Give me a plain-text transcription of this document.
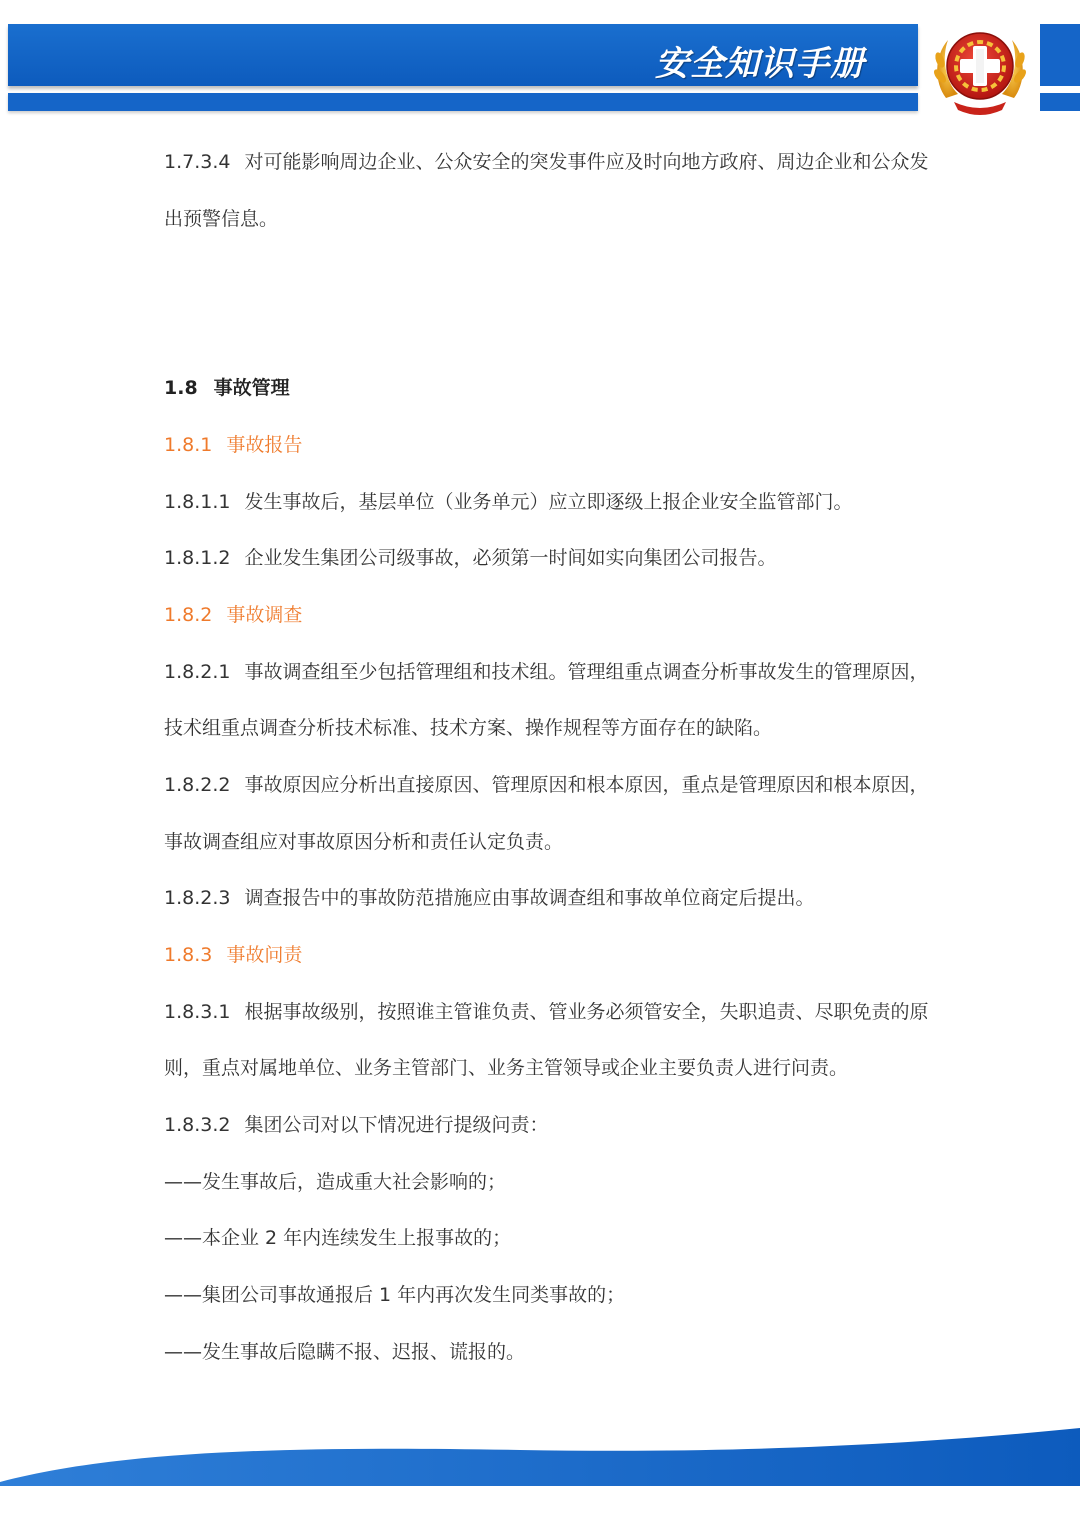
安全知识手册
1.7.3.4 对可能影响周边企业、公众安全的突发事件应及时向地方政府、周边企业和公众发
出预警信息。
1.8 事故管理
1.8.1 事故报告
1.8.1.1 发生事故后，基层单位（业务单元）应立即逐级上报企业安全监管部门。
1.8.1.2 企业发生集团公司级事故，必须第一时间如实向集团公司报告。
1.8.2 事故调查
1.8.2.1 事故调查组至少包括管理组和技术组。管理组重点调查分析事故发生的管理原因，
技术组重点调查分析技术标准、技术方案、操作规程等方面存在的缺陷。
1.8.2.2 事故原因应分析出直接原因、管理原因和根本原因，重点是管理原因和根本原因，
事故调查组应对事故原因分析和责任认定负责。
1.8.2.3 调查报告中的事故防范措施应由事故调查组和事故单位商定后提出。
1.8.3 事故问责
1.8.3.1 根据事故级别，按照谁主管谁负责、管业务必须管安全，失职追责、尽职免责的原
则，重点对属地单位、业务主管部门、业务主管领导或企业主要负责人进行问责。
1.8.3.2 集团公司对以下情况进行提级问责：
——发生事故后，造成重大社会影响的；
——本企业 2 年内连续发生上报事故的；
——集团公司事故通报后 1 年内再次发生同类事故的；
——发生事故后隐瞒不报、迟报、谎报的。
